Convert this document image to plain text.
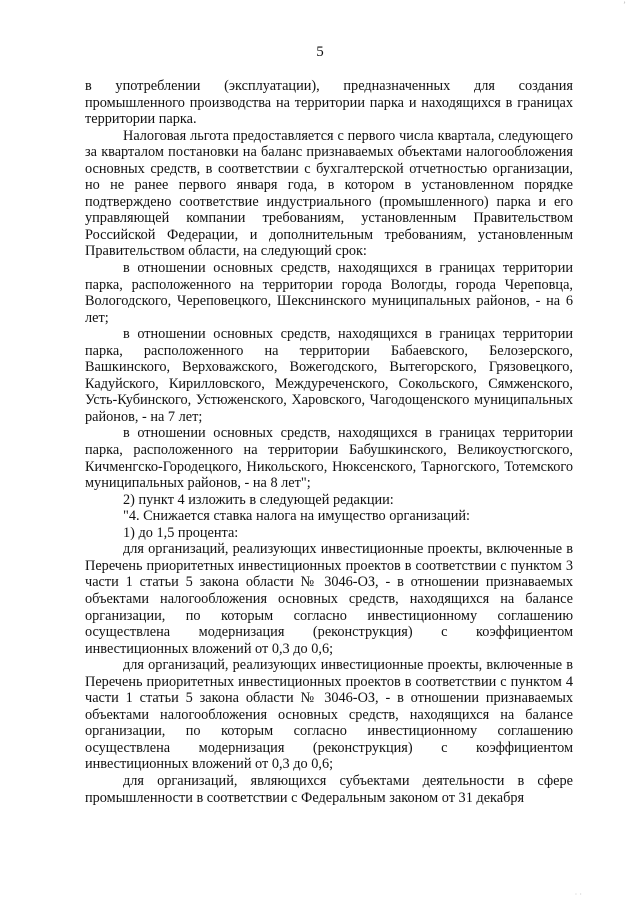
’
5

в употреблении (эксплуатации), предназначенных для создания промышленного производства на территории парка и находящихся в границах территории парка.

Налоговая льгота предоставляется с первого числа квартала, следующего за кварталом постановки на баланс признаваемых объектами налогообложения основных средств, в соответствии с бухгалтерской отчетностью организации, но не ранее первого января года, в котором в установленном порядке подтверждено соответствие индустриального (промышленного) парка и его управляющей компании требованиям, установленным Правительством Российской Федерации, и дополнительным требованиям, установленным Правительством области, на следующий срок:

в отношении основных средств, находящихся в границах территории парка, расположенного на территории города Вологды, города Череповца, Вологодского, Череповецкого, Шекснинского муниципальных районов, - на 6 лет;

в отношении основных средств, находящихся в границах территории парка, расположенного на территории Бабаевского, Белозерского, Вашкинского, Верховажского, Вожегодского, Вытегорского, Грязовецкого, Кадуйского, Кирилловского, Междуреченского, Сокольского, Сямженского, Усть-Кубинского, Устюженского, Харовского, Чагодощенского муниципальных районов, - на 7 лет;

в отношении основных средств, находящихся в границах территории парка, расположенного на территории Бабушкинского, Великоустюгского, Кичменгско-Городецкого, Никольского, Нюксенского, Тарногского, Тотемского муниципальных районов, - на 8 лет";

2) пункт 4 изложить в следующей редакции:

"4. Снижается ставка налога на имущество организаций:

1) до 1,5 процента:

для организаций, реализующих инвестиционные проекты, включенные в Перечень приоритетных инвестиционных проектов в соответствии с пунктом 3 части 1 статьи 5 закона области № 3046-ОЗ, - в отношении признаваемых объектами налогообложения основных средств, находящихся на балансе организации, по которым согласно инвестиционному соглашению осуществлена модернизация (реконструкция) с коэффициентом инвестиционных вложений от 0,3 до 0,6;

для организаций, реализующих инвестиционные проекты, включенные в Перечень приоритетных инвестиционных проектов в соответствии с пунктом 4 части 1 статьи 5 закона области № 3046-ОЗ, - в отношении признаваемых объектами налогообложения основных средств, находящихся на балансе организации, по которым согласно инвестиционному соглашению осуществлена модернизация (реконструкция) с коэффициентом инвестиционных вложений от 0,3 до 0,6;

для организаций, являющихся субъектами деятельности в сфере промышленности в соответствии с Федеральным законом от 31 декабря

· ·
